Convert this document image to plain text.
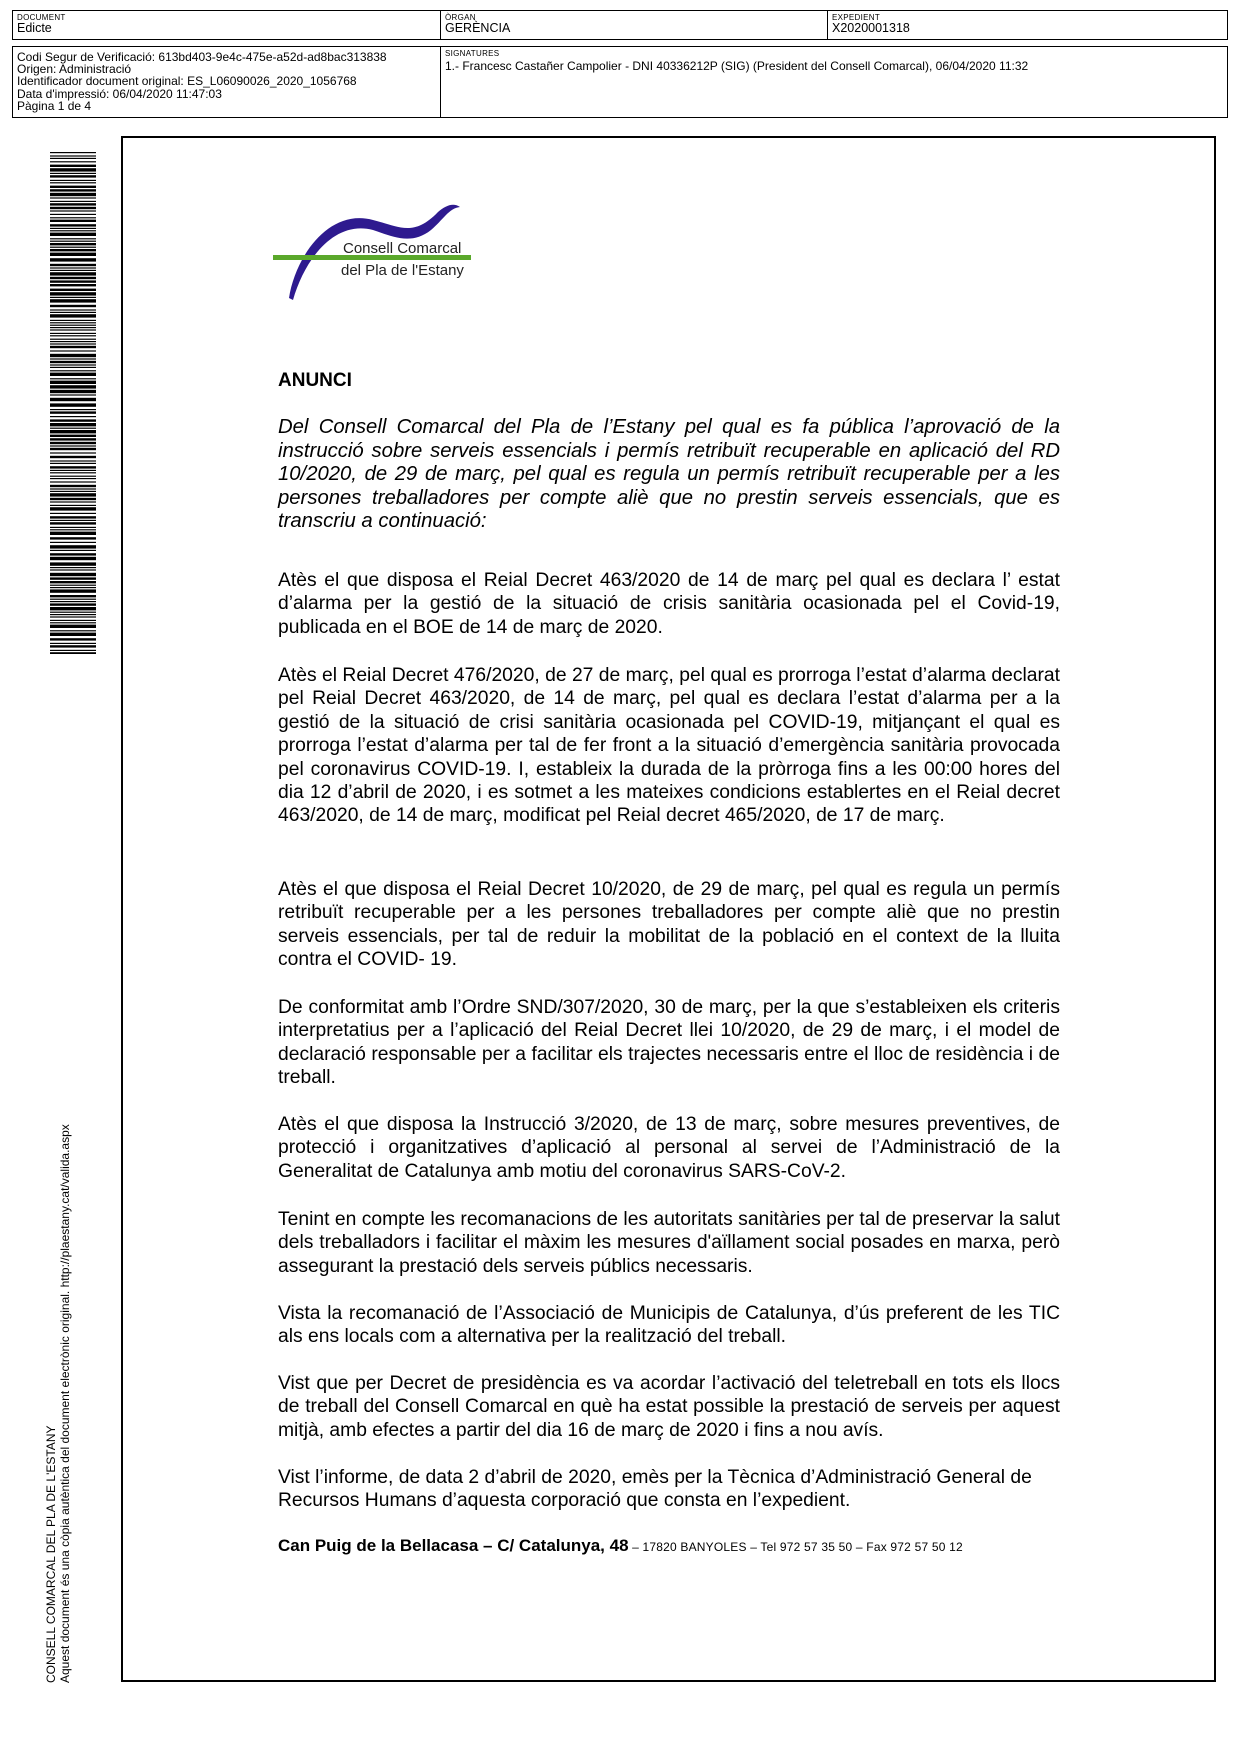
DOCUMENT
Edicte
ÒRGAN
GERÈNCIA
EXPEDIENT
X2020001318
Codi Segur de Verificació: 613bd403-9e4c-475e-a52d-ad8bac313838
Origen: Administració
Identificador document original: ES_L06090026_2020_1056768
Data d'impressió: 06/04/2020 11:47:03
Pàgina 1 de 4
SIGNATURES
1.- Francesc Castañer Campolier - DNI 40336212P (SIG) (President del Consell Comarcal), 06/04/2020 11:32
CONSELL COMARCAL DEL PLA DE L'ESTANY Aquest document és una còpia autèntica del document electrònic original. http://plaestany.cat/valida.aspx
Consell Comarcal
del Pla de l'Estany
ANUNCI
Del Consell Comarcal del Pla de l’Estany pel qual es fa pública l’aprovació de la instrucció sobre serveis essencials i permís retribuït recuperable en aplicació del RD 10/2020, de 29 de març, pel qual es regula un permís retribuït recuperable per a les persones treballadores per compte aliè que no prestin serveis essencials, que es transcriu a continuació:
Atès el que disposa el Reial Decret 463/2020 de 14 de març pel qual es declara l’ estat d’alarma per la gestió de la situació de crisis sanitària ocasionada pel el Covid-19, publicada en el BOE de 14 de març de 2020.
Atès el Reial Decret 476/2020, de 27 de març, pel qual es prorroga l’estat d’alarma declarat pel Reial Decret 463/2020, de 14 de març, pel qual es declara l’estat d’alarma per a la gestió de la situació de crisi sanitària ocasionada pel COVID-19, mitjançant el qual es prorroga l’estat d’alarma per tal de fer front a la situació d’emergència sanitària provocada pel coronavirus COVID-19. I, estableix la durada de la pròrroga fins a les 00:00 hores del dia 12 d’abril de 2020, i es sotmet a les mateixes condicions establertes en el Reial decret 463/2020, de 14 de març, modificat pel Reial decret 465/2020, de 17 de març.
Atès el que disposa el Reial Decret 10/2020, de 29 de març, pel qual es regula un permís retribuït recuperable per a les persones treballadores per compte aliè que no prestin serveis essencials, per tal de reduir la mobilitat de la població en el context de la lluita contra el COVID- 19.
De conformitat amb l’Ordre SND/307/2020, 30 de març, per la que s’estableixen els criteris interpretatius per a l’aplicació del Reial Decret llei 10/2020, de 29 de març, i el model de declaració responsable per a facilitar els trajectes necessaris entre el lloc de residència i de treball.
Atès el que disposa la Instrucció 3/2020, de 13 de març, sobre mesures preventives, de protecció i organitzatives d’aplicació al personal al servei de l’Administració de la Generalitat de Catalunya amb motiu del coronavirus SARS-CoV-2.
Tenint en compte les recomanacions de les autoritats sanitàries per tal de preservar la salut dels treballadors i facilitar el màxim les mesures d'aïllament social posades en marxa, però assegurant la prestació dels serveis públics necessaris.
Vista la recomanació de l’Associació de Municipis de Catalunya, d’ús preferent de les TIC als ens locals com a alternativa per la realització del treball.
Vist que per Decret de presidència es va acordar l’activació del teletreball en tots els llocs de treball del Consell Comarcal en què ha estat possible la prestació de serveis per aquest mitjà, amb efectes a partir del dia 16 de març de 2020 i fins a nou avís.
Vist l’informe, de data 2 d’abril de 2020, emès per la Tècnica d’Administració General de Recursos Humans d’aquesta corporació que consta en l’expedient.
Can Puig de la Bellacasa – C/ Catalunya, 48 – 17820 BANYOLES – Tel 972 57 35 50 – Fax 972 57 50 12
